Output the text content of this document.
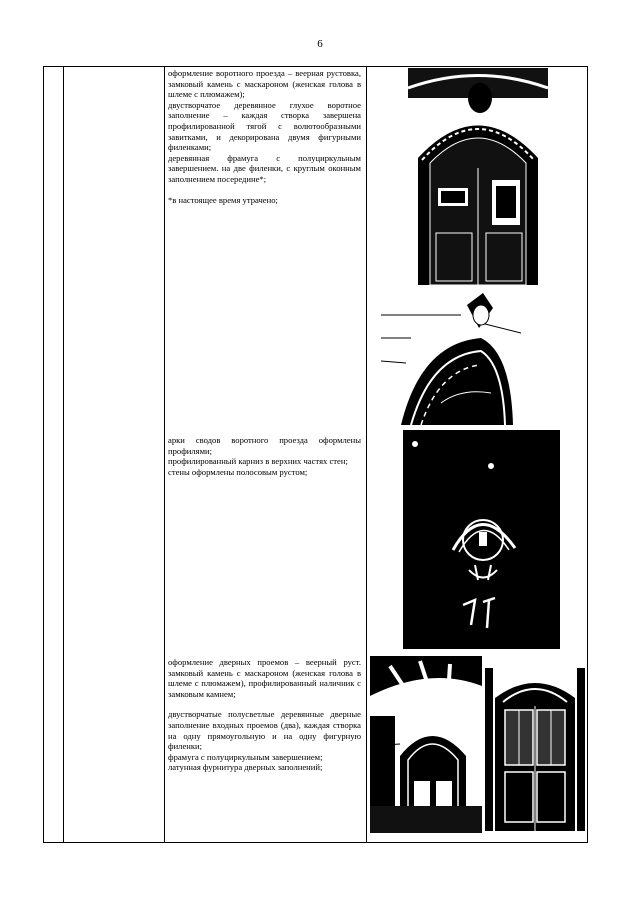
6

оформление воротного проезда – веерная рустовка, замковый камень с маскароном (женская голова в шлеме с плюмажем);

двустворчатое деревянное глухое воротное заполнение – каждая створка завершена профилированной тягой с волютообразными завитками, и декорирована двумя фигурными филенками;

деревянная фрамуга с полуциркульным завершением. на две филенки, с круглым оконным заполнением посередине*;

*в настоящее время утрачено;

арки сводов воротного проезда оформлены профилями;

профилированный карниз в верхних частях стен;

стены оформлены полосовым рустом;

оформление дверных проемов – веерный руст. замковый камень с маскароном (женская голова в шлеме с плюмажем), профилированный наличник с замковым камнем;

двустворчатые полусветлые деревянные дверные заполнение входных проемов (два), каждая створка на одну прямоугольную и на одну фигурную филенки;

фрамуга с полуциркульным завершением;

латунная фурнитура дверных заполнений;
